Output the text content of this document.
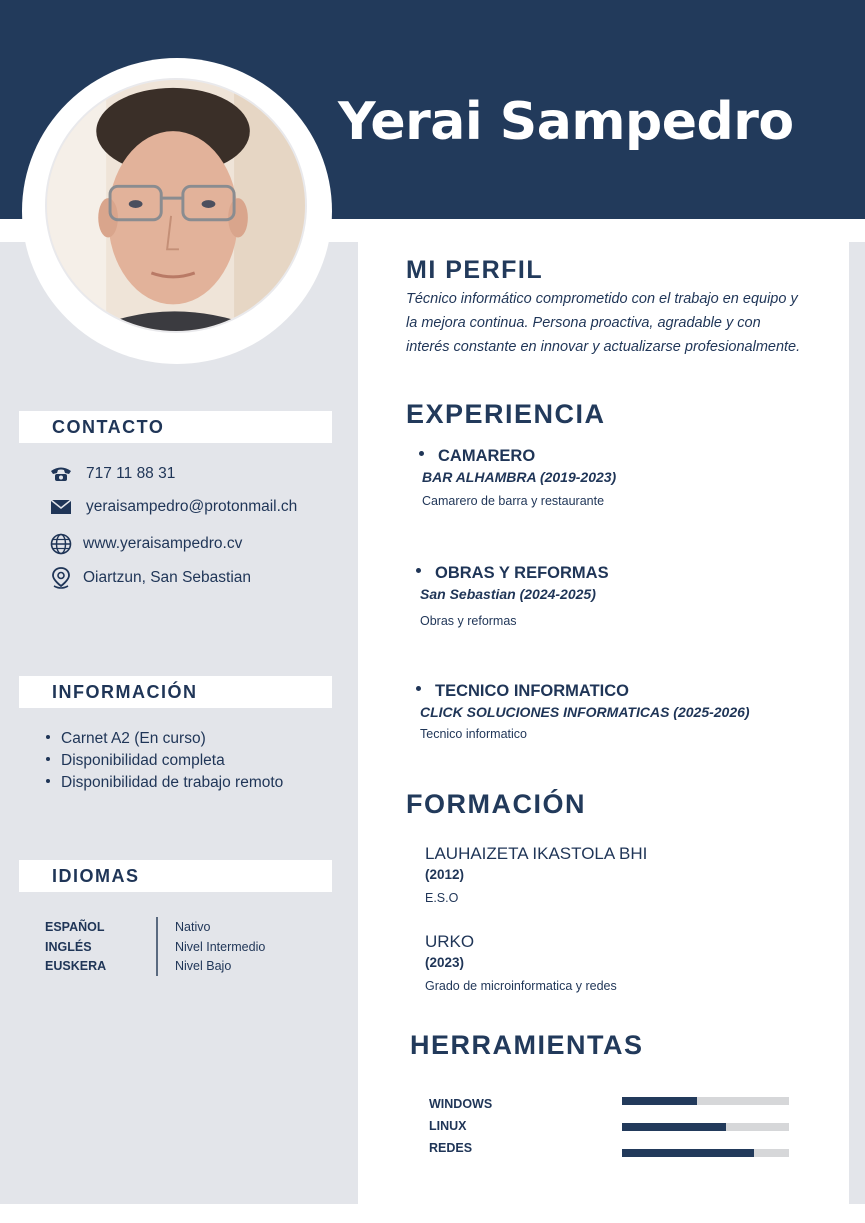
Yerai Sampedro
CONTACTO
717 11 88 31
yeraisampedro@protonmail.ch
www.yeraisampedro.cv
Oiartzun, San Sebastian
INFORMACIÓN
Carnet A2 (En curso)
Disponibilidad completa
Disponibilidad de trabajo remoto
IDIOMAS
ESPAÑOL
INGLÉS
EUSKERA
Nativo
Nivel Intermedio
Nivel Bajo
MI PERFIL
Técnico informático comprometido con el trabajo en equipo y la mejora continua. Persona proactiva, agradable y con interés constante en innovar y actualizarse profesionalmente.
EXPERIENCIA
CAMARERO
BAR ALHAMBRA (2019-2023)
Camarero de barra y restaurante
OBRAS Y REFORMAS
San Sebastian (2024-2025)
Obras y reformas
TECNICO INFORMATICO
CLICK SOLUCIONES INFORMATICAS (2025-2026)
Tecnico informatico
FORMACIÓN
LAUHAIZETA IKASTOLA BHI
(2012)
E.S.O
URKO
(2023)
Grado de microinformatica y redes
HERRAMIENTAS
WINDOWS
LINUX
REDES
